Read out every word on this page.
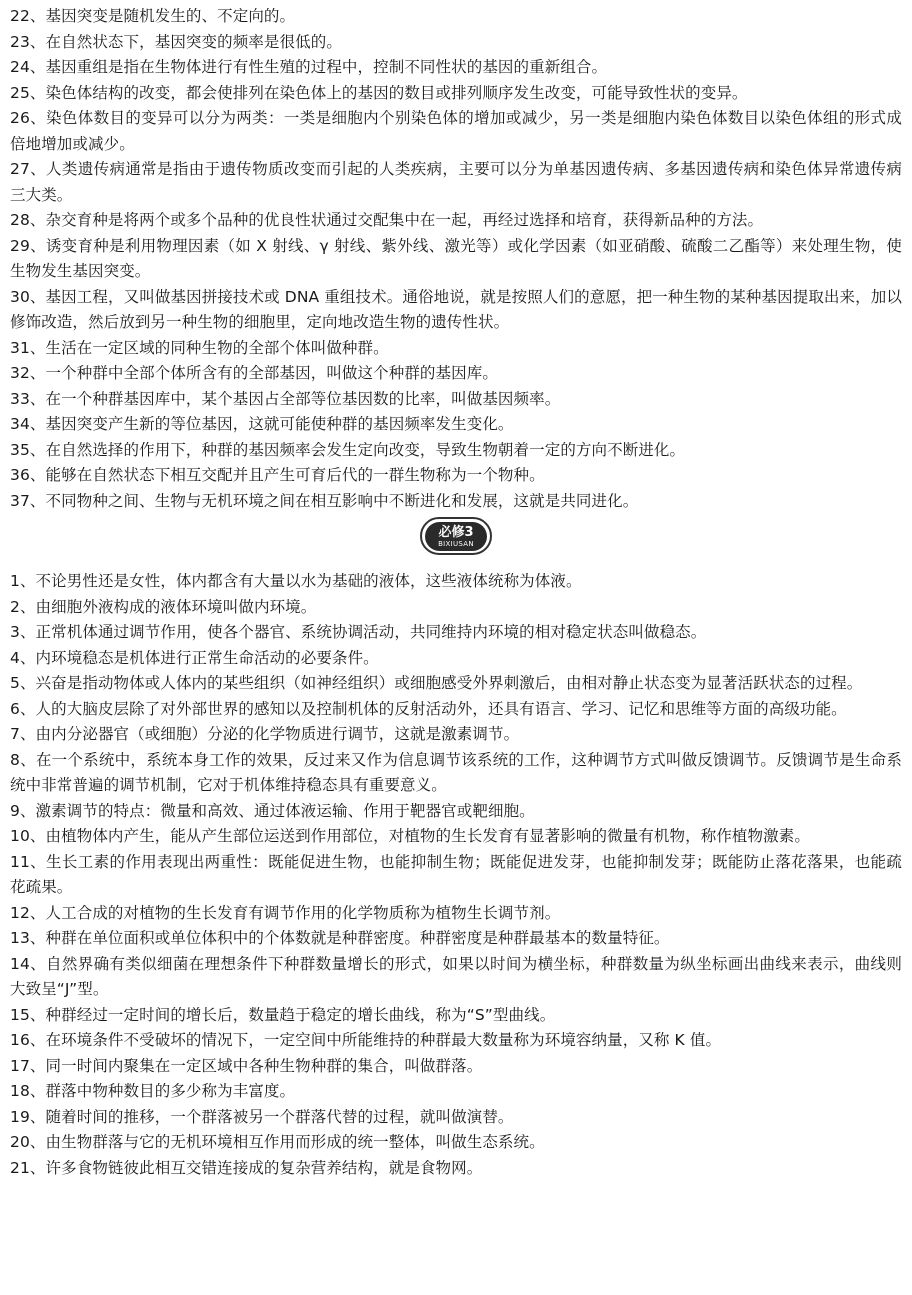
22、基因突变是随机发生的、不定向的。

23、在自然状态下，基因突变的频率是很低的。

24、基因重组是指在生物体进行有性生殖的过程中，控制不同性状的基因的重新组合。

25、染色体结构的改变，都会使排列在染色体上的基因的数目或排列顺序发生改变，可能导致性状的变异。

26、染色体数目的变异可以分为两类：一类是细胞内个别染色体的增加或减少，另一类是细胞内染色体数目以染色体组的形式成倍地增加或减少。

27、人类遗传病通常是指由于遗传物质改变而引起的人类疾病，主要可以分为单基因遗传病、多基因遗传病和染色体异常遗传病三大类。

28、杂交育种是将两个或多个品种的优良性状通过交配集中在一起，再经过选择和培育，获得新品种的方法。

29、诱变育种是利用物理因素（如 X 射线、γ 射线、紫外线、激光等）或化学因素（如亚硝酸、硫酸二乙酯等）来处理生物，使生物发生基因突变。

30、基因工程，又叫做基因拼接技术或 DNA 重组技术。通俗地说，就是按照人们的意愿，把一种生物的某种基因提取出来，加以修饰改造，然后放到另一种生物的细胞里，定向地改造生物的遗传性状。

31、生活在一定区域的同种生物的全部个体叫做种群。

32、一个种群中全部个体所含有的全部基因，叫做这个种群的基因库。

33、在一个种群基因库中，某个基因占全部等位基因数的比率，叫做基因频率。

34、基因突变产生新的等位基因，这就可能使种群的基因频率发生变化。

35、在自然选择的作用下，种群的基因频率会发生定向改变，导致生物朝着一定的方向不断进化。

36、能够在自然状态下相互交配并且产生可育后代的一群生物称为一个物种。

37、不同物种之间、生物与无机环境之间在相互影响中不断进化和发展，这就是共同进化。

必修3
BIXIUSAN

1、不论男性还是女性，体内都含有大量以水为基础的液体，这些液体统称为体液。

2、由细胞外液构成的液体环境叫做内环境。

3、正常机体通过调节作用，使各个器官、系统协调活动，共同维持内环境的相对稳定状态叫做稳态。

4、内环境稳态是机体进行正常生命活动的必要条件。

5、兴奋是指动物体或人体内的某些组织（如神经组织）或细胞感受外界刺激后，由相对静止状态变为显著活跃状态的过程。

6、人的大脑皮层除了对外部世界的感知以及控制机体的反射活动外，还具有语言、学习、记忆和思维等方面的高级功能。

7、由内分泌器官（或细胞）分泌的化学物质进行调节，这就是激素调节。

8、在一个系统中，系统本身工作的效果，反过来又作为信息调节该系统的工作，这种调节方式叫做反馈调节。反馈调节是生命系统中非常普遍的调节机制，它对于机体维持稳态具有重要意义。

9、激素调节的特点：微量和高效、通过体液运输、作用于靶器官或靶细胞。

10、由植物体内产生，能从产生部位运送到作用部位，对植物的生长发育有显著影响的微量有机物，称作植物激素。

11、生长工素的作用表现出两重性：既能促进生物，也能抑制生物；既能促进发芽，也能抑制发芽；既能防止落花落果，也能疏花疏果。

12、人工合成的对植物的生长发育有调节作用的化学物质称为植物生长调节剂。

13、种群在单位面积或单位体积中的个体数就是种群密度。种群密度是种群最基本的数量特征。

14、自然界确有类似细菌在理想条件下种群数量增长的形式，如果以时间为横坐标，种群数量为纵坐标画出曲线来表示，曲线则大致呈“J”型。

15、种群经过一定时间的增长后，数量趋于稳定的增长曲线，称为“S”型曲线。

16、在环境条件不受破坏的情况下，一定空间中所能维持的种群最大数量称为环境容纳量，又称 K 值。

17、同一时间内聚集在一定区域中各种生物种群的集合，叫做群落。

18、群落中物种数目的多少称为丰富度。

19、随着时间的推移，一个群落被另一个群落代替的过程，就叫做演替。

20、由生物群落与它的无机环境相互作用而形成的统一整体，叫做生态系统。

21、许多食物链彼此相互交错连接成的复杂营养结构，就是食物网。
